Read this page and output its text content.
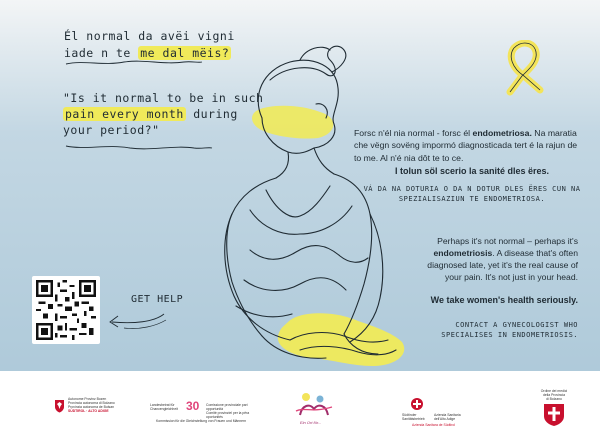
Él normal da avëi vigni
iade n te me dal mëis?
"Is it normal to be in such
pain every month during
your period?"	Forsc n'él nia normal - forsc él endometriosa. Na maratia che vëgn sovëng impormó diagnosticada tert é la rajun de to me. Al n'é nia dôt te to ce.
I tolun söl scerio la sanité dles ëres.
VÁ DA NA DOTURIA O DA N DOTUR DLES ËRES CUN NA SPEZIALISAZIUN TE ENDOMETRIOSA.
Perhaps it's not normal – perhaps it's endometriosis. A disease that's often diagnosed late, yet it's the real cause of your pain. It's not just in your head.
We take women's health seriously.
CONTACT A GYNECOLOGIST WHO SPECIALISES IN ENDOMETRIOSIS.
GET HELP
Autonome Provinz Bozen
Provincia autonoma di Bolzano
Provinzia autonoma de Bulsan
SÜDTIROL · ALTO ADIGE
Landesbeirat für Chancengleichheit 30 Comissione provinciale pari opportunità
Comitè provinziel per la pêra oportunités
Kommission für die Gleichstellung von Frauen und Männern	Ein Ort für...
Südtiroler
Sanitätsbetrieb
Azienda Sanitaria
dell'Alto Adige
Azienda Sanitara de Südtirol
Ordine dei medici
della Provincia
di Bolzano
